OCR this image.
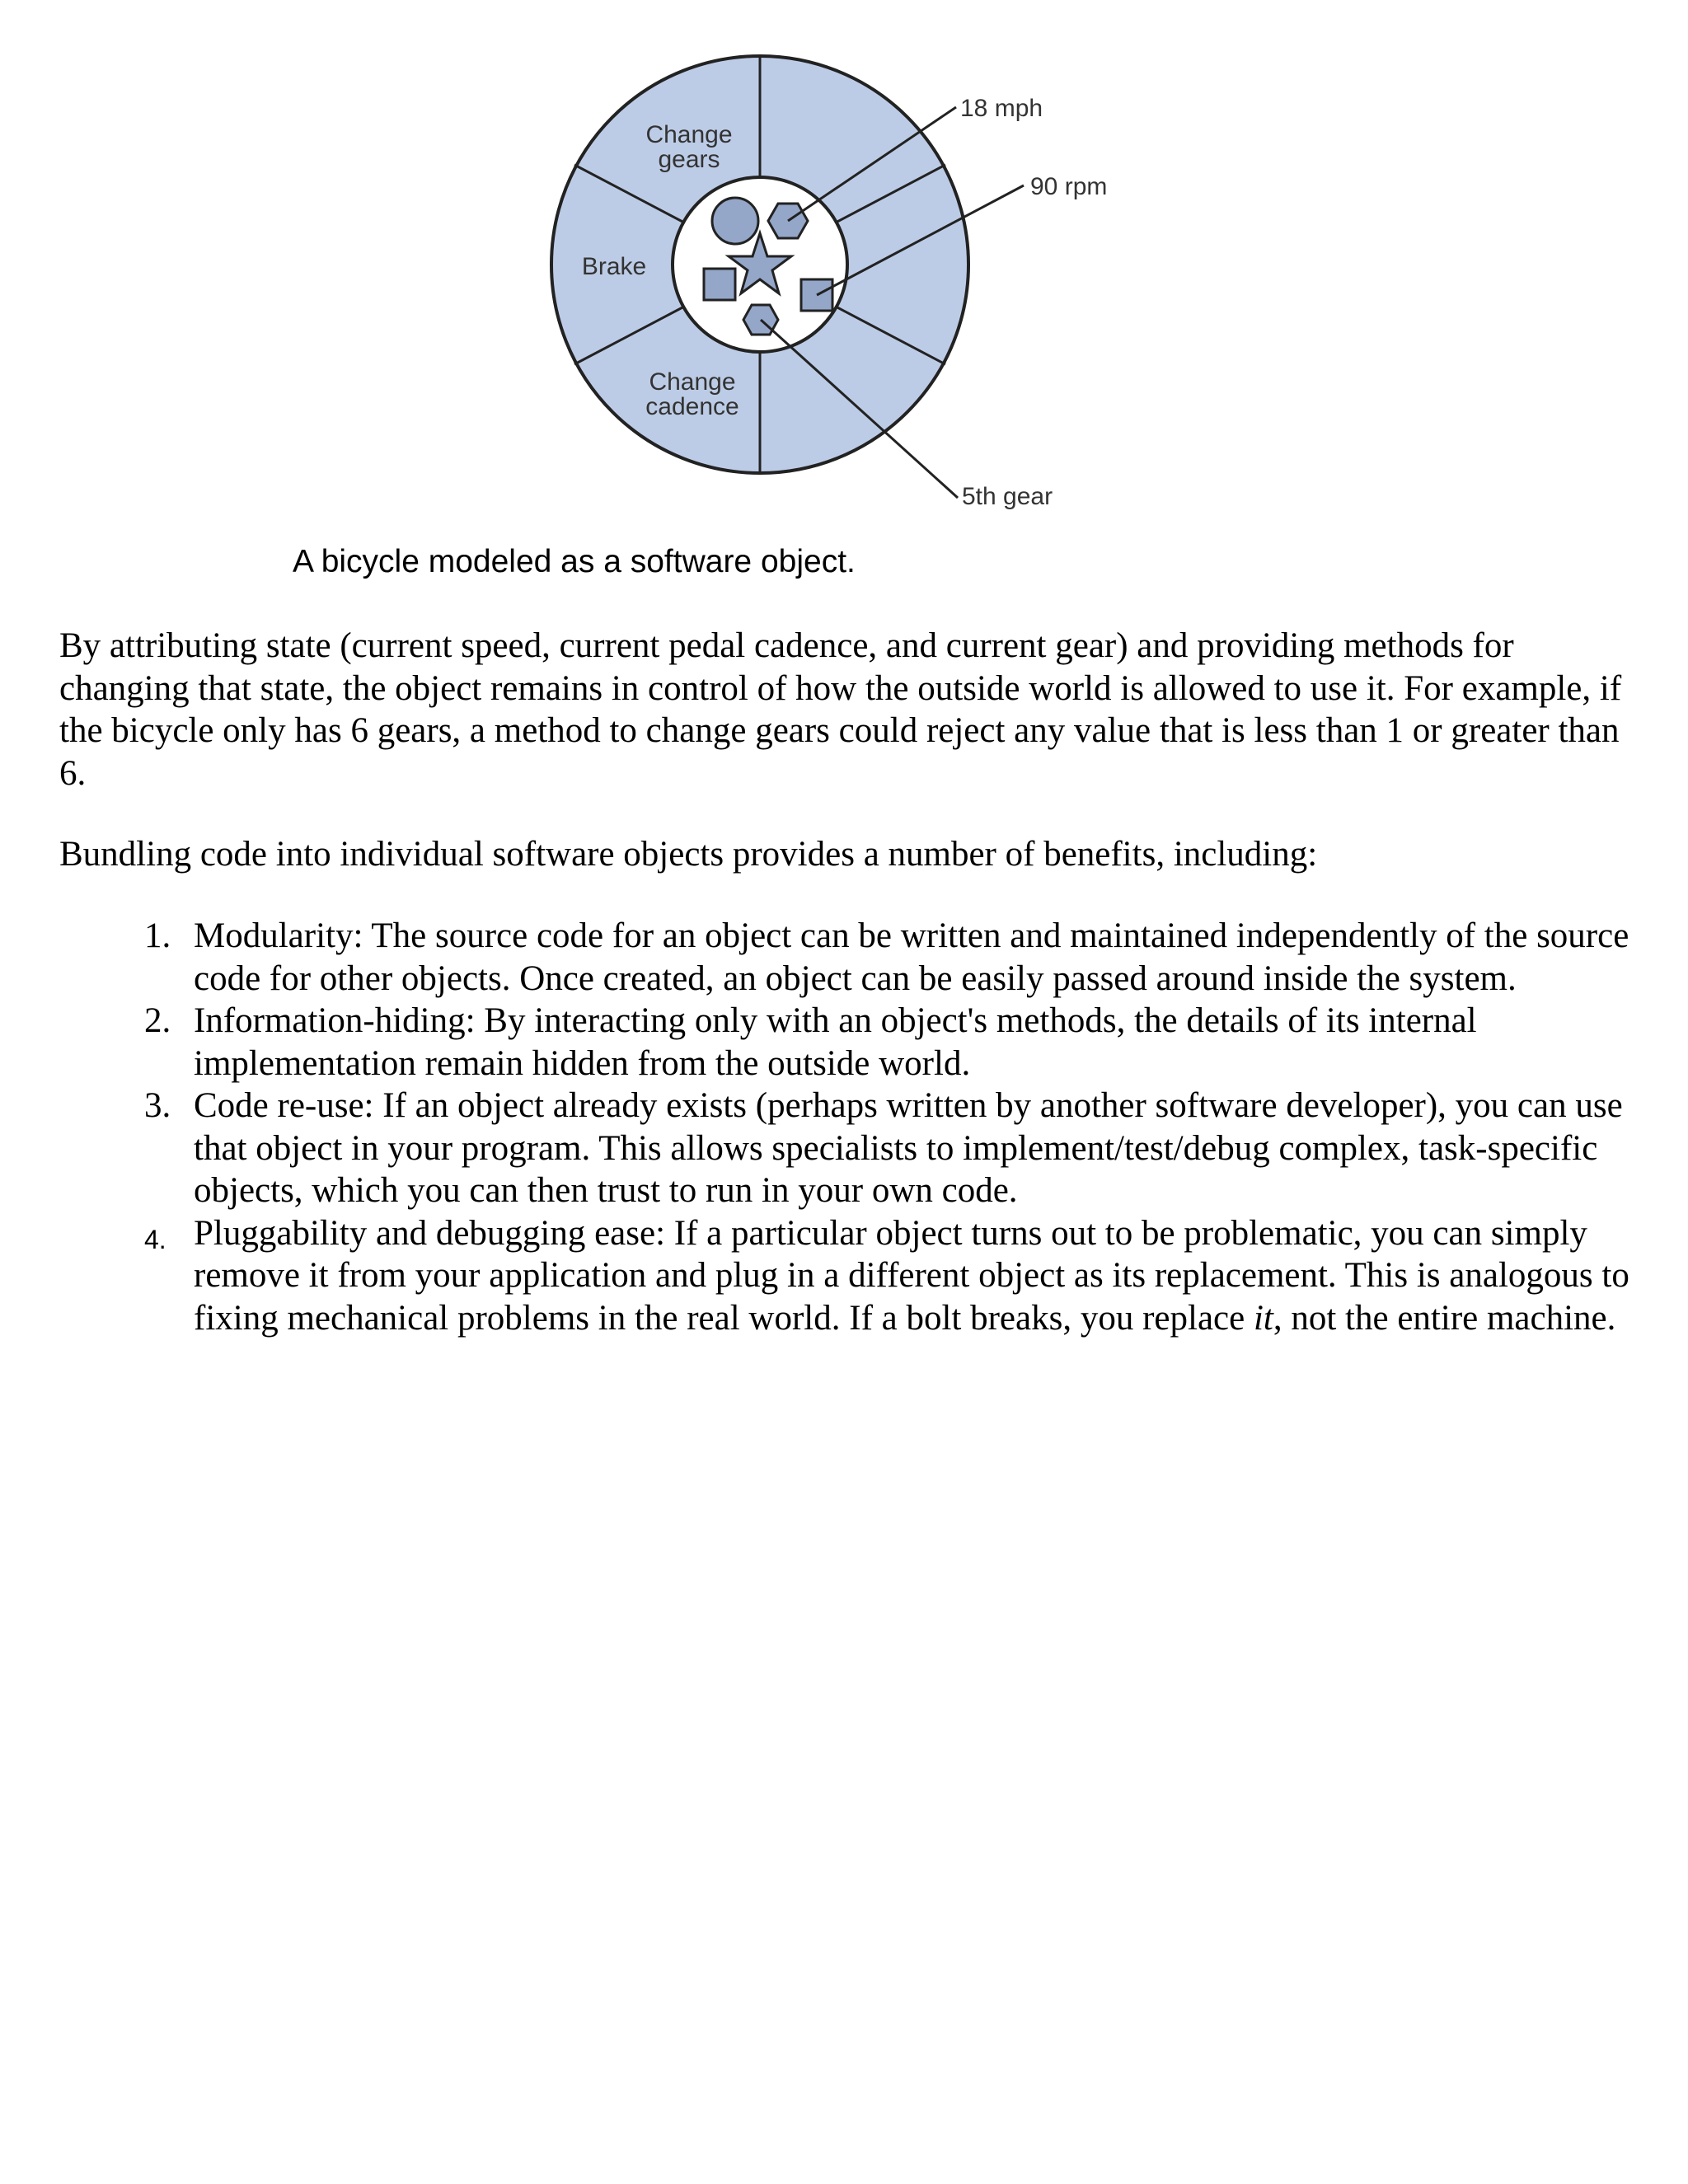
Change
gears
Brake
Change
cadence
18 mph
90 rpm
5th gear
A bicycle modeled as a software object.

By attributing state (current speed, current pedal cadence, and current gear) and providing methods for changing that state, the object remains in control of how the outside world is allowed to use it. For example, if the bicycle only has 6 gears, a method to change gears could reject any value that is less than 1 or greater than 6.

Bundling code into individual software objects provides a number of benefits, including:

1. Modularity: The source code for an object can be written and maintained independently of the source code for other objects. Once created, an object can be easily passed around inside the system.
2. Information-hiding: By interacting only with an object's methods, the details of its internal implementation remain hidden from the outside world.
3. Code re-use: If an object already exists (perhaps written by another software developer), you can use that object in your program. This allows specialists to implement/test/debug complex, task-specific objects, which you can then trust to run in your own code.
4. Pluggability and debugging ease: If a particular object turns out to be problematic, you can simply remove it from your application and plug in a different object as its replacement. This is analogous to fixing mechanical problems in the real world. If a bolt breaks, you replace it, not the entire machine.
